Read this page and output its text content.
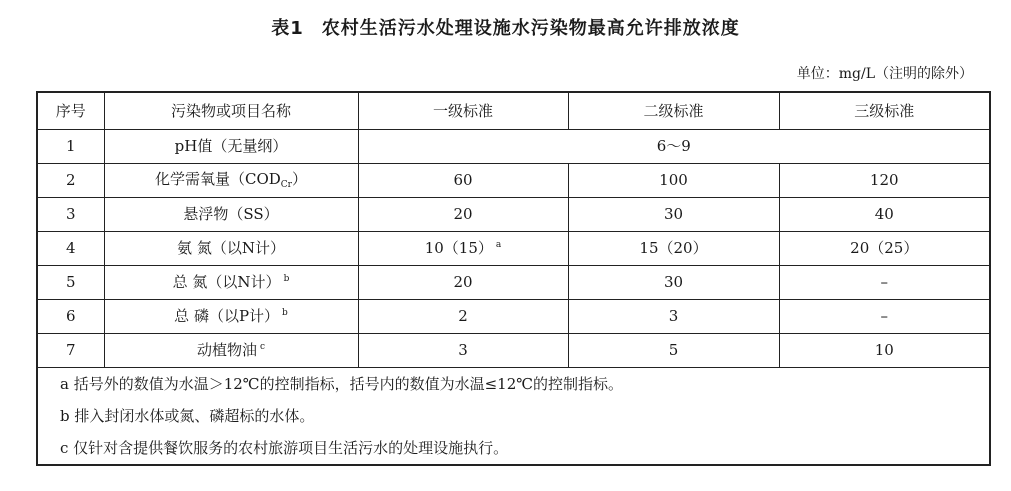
表1 农村生活污水处理设施水污染物最高允许排放浓度
单位：mg/L（注明的除外）
序号	污染物或项目名称	一级标准	二级标准	三级标准
1	pH值（无量纲）	6～9		
2	化学需氧量$(COD_{Cr})$	60	100	120
3	悬浮物（SS）	20	30	40
4	氨 氮（以N计）	10（15） $^a$	15（20）	20（25）
5	总 氮（以N计） $^b$	20	30	–
6	总 磷（以P计） $^b$	2	3	–
7	动植物油 $^c$	3	5	10
a 括号外的数值为水温＞12℃的控制指标，括号内的数值为水温≤12℃的控制指标。				
b 排入封闭水体或氮、磷超标的水体。				
c 仅针对含提供餐饮服务的农村旅游项目生活污水的处理设施执行。				
